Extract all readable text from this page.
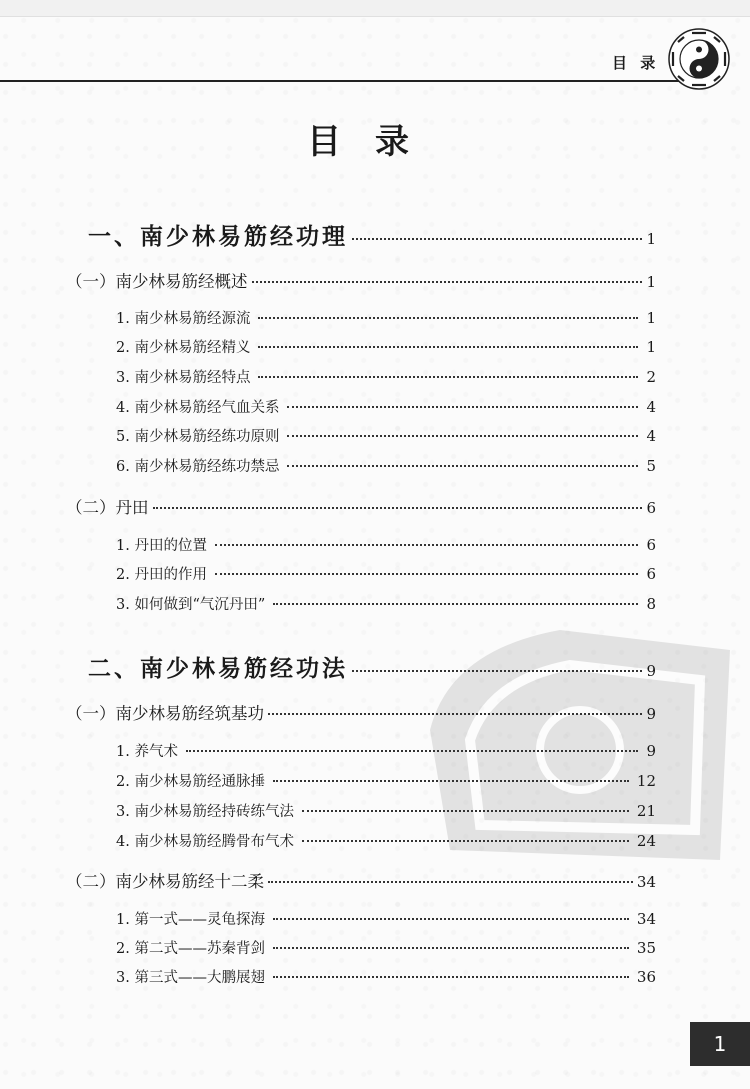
目 录
目录
一、南少林易筋经功理	1
（一）南少林易筋经概述	1
1. 南少林易筋经源流	1
2. 南少林易筋经精义	1
3. 南少林易筋经特点	2
4. 南少林易筋经气血关系	4
5. 南少林易筋经练功原则	4
6. 南少林易筋经练功禁忌	5
（二）丹田	6
1. 丹田的位置	6
2. 丹田的作用	6
3. 如何做到“气沉丹田”	8
二、南少林易筋经功法	9
（一）南少林易筋经筑基功	9
1. 养气术	9
2. 南少林易筋经通脉捶	12
3. 南少林易筋经持砖练气法	21
4. 南少林易筋经腾骨布气术	24
（二）南少林易筋经十二柔	34
1. 第一式——灵龟探海	34
2. 第二式——苏秦背剑	35
3. 第三式——大鹏展翅	36
1
